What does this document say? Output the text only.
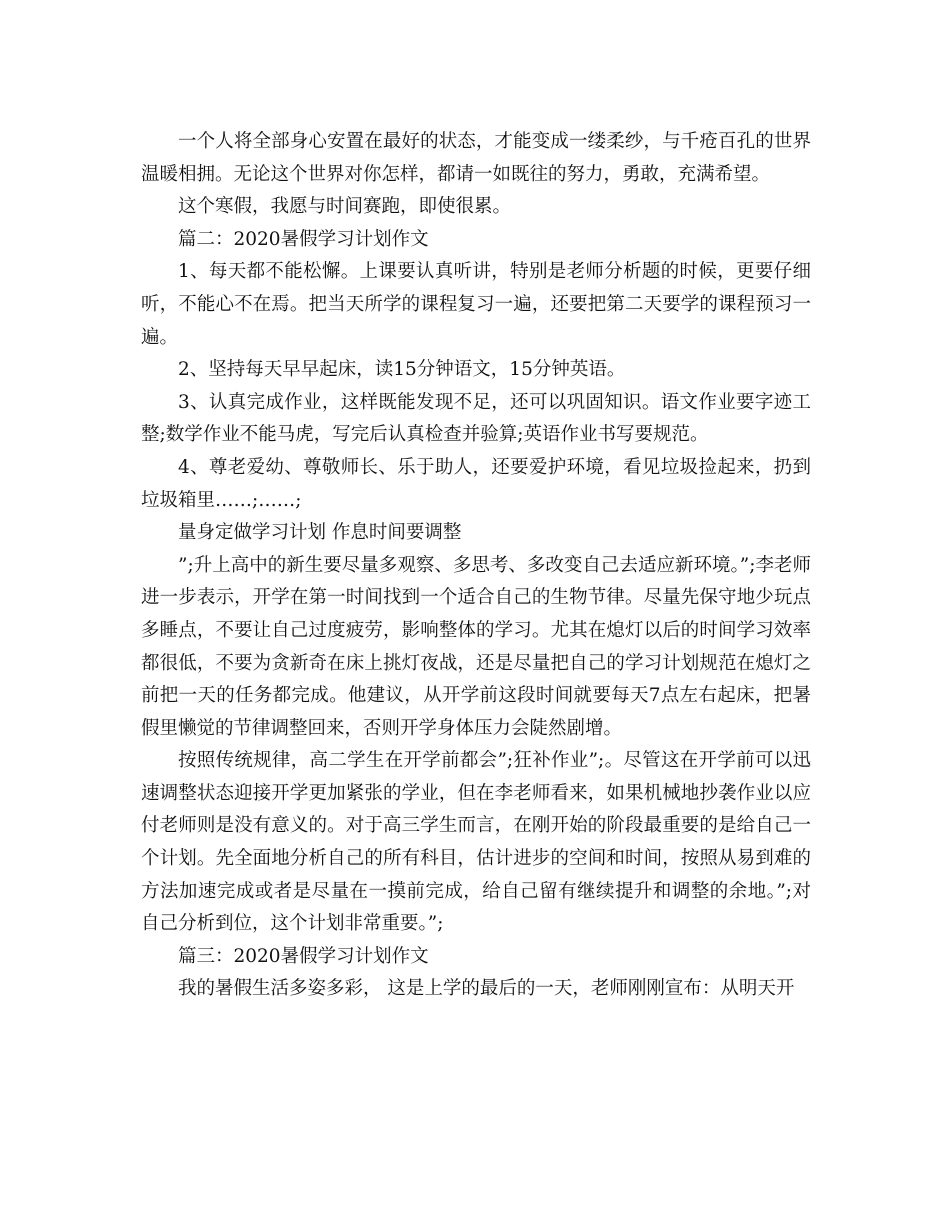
一个人将全部身心安置在最好的状态，才能变成一缕柔纱，与千疮百孔的世界温暖相拥。无论这个世界对你怎样，都请一如既往的努力，勇敢，充满希望。

这个寒假，我愿与时间赛跑，即使很累。

篇二：2020暑假学习计划作文

1、每天都不能松懈。上课要认真听讲，特别是老师分析题的时候，更要仔细听，不能心不在焉。把当天所学的课程复习一遍，还要把第二天要学的课程预习一遍。

2、坚持每天早早起床，读15分钟语文，15分钟英语。

3、认真完成作业，这样既能发现不足，还可以巩固知识。语文作业要字迹工整;数学作业不能马虎，写完后认真检查并验算;英语作业书写要规范。

4、尊老爱幼、尊敬师长、乐于助人，还要爱护环境，看见垃圾捡起来，扔到垃圾箱里……;……;

量身定做学习计划 作息时间要调整

”;升上高中的新生要尽量多观察、多思考、多改变自己去适应新环境。”;李老师进一步表示，开学在第一时间找到一个适合自己的生物节律。尽量先保守地少玩点多睡点，不要让自己过度疲劳，影响整体的学习。尤其在熄灯以后的时间学习效率都很低，不要为贪新奇在床上挑灯夜战，还是尽量把自己的学习计划规范在熄灯之前把一天的任务都完成。他建议，从开学前这段时间就要每天7点左右起床，把暑假里懒觉的节律调整回来，否则开学身体压力会陡然剧增。

按照传统规律，高二学生在开学前都会”;狂补作业”;。尽管这在开学前可以迅速调整状态迎接开学更加紧张的学业，但在李老师看来，如果机械地抄袭作业以应付老师则是没有意义的。对于高三学生而言，在刚开始的阶段最重要的是给自己一个计划。先全面地分析自己的所有科目，估计进步的空间和时间，按照从易到难的方法加速完成或者是尽量在一摸前完成，给自己留有继续提升和调整的余地。”;对自己分析到位，这个计划非常重要。”;

篇三：2020暑假学习计划作文

我的暑假生活多姿多彩， 这是上学的最后的一天，老师刚刚宣布：从明天开
